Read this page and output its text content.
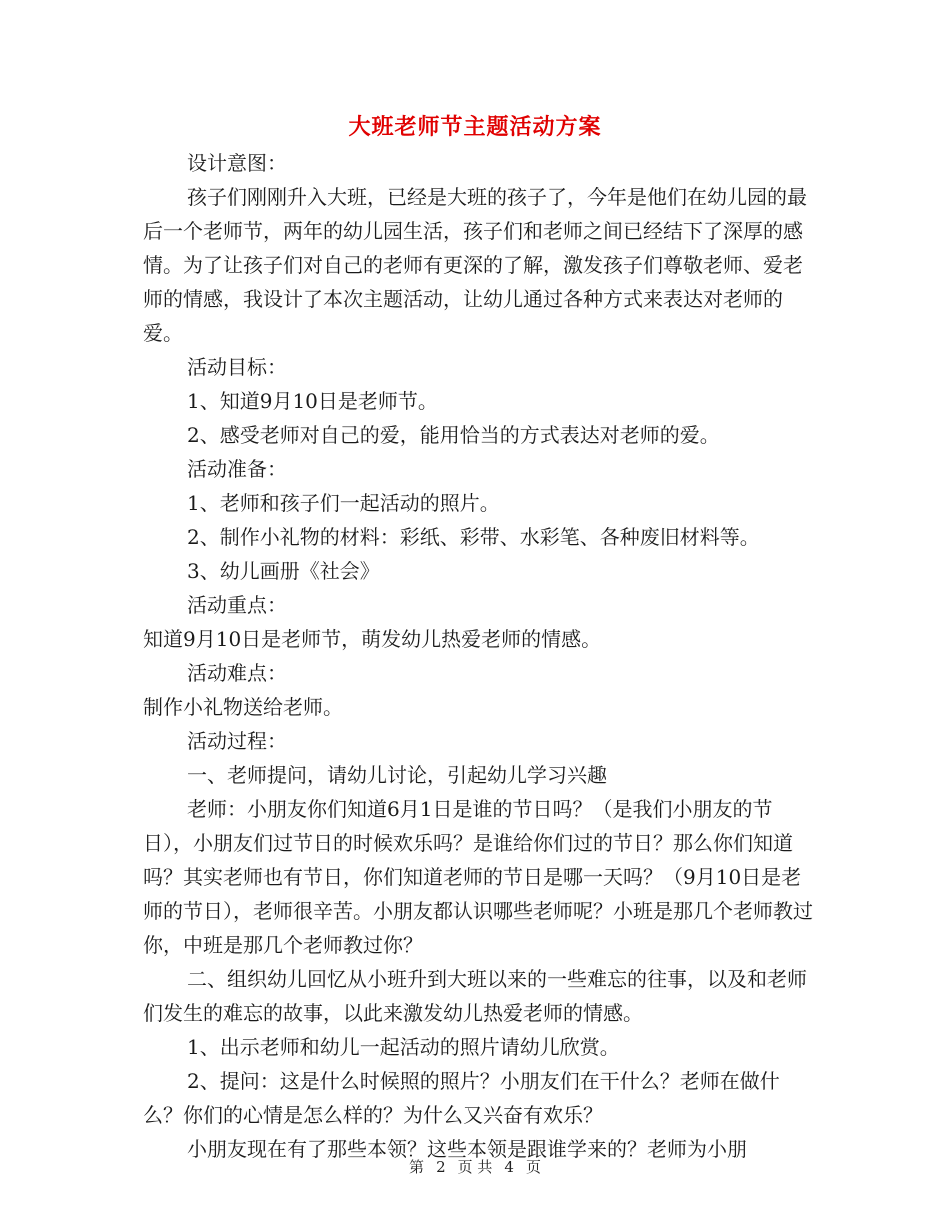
大班老师节主题活动方案

设计意图：

孩子们刚刚升入大班，已经是大班的孩子了，今年是他们在幼儿园的最后一个老师节，两年的幼儿园生活，孩子们和老师之间已经结下了深厚的感情。为了让孩子们对自己的老师有更深的了解，激发孩子们尊敬老师、爱老师的情感，我设计了本次主题活动，让幼儿通过各种方式来表达对老师的爱。

活动目标：

1、知道9月10日是老师节。

2、感受老师对自己的爱，能用恰当的方式表达对老师的爱。

活动准备：

1、老师和孩子们一起活动的照片。

2、制作小礼物的材料：彩纸、彩带、水彩笔、各种废旧材料等。

3、幼儿画册《社会》

活动重点：

知道9月10日是老师节，萌发幼儿热爱老师的情感。

活动难点：

制作小礼物送给老师。

活动过程：

一、老师提问，请幼儿讨论，引起幼儿学习兴趣

老师：小朋友你们知道6月1日是谁的节日吗？（是我们小朋友的节日），小朋友们过节日的时候欢乐吗？是谁给你们过的节日？那么你们知道吗？其实老师也有节日，你们知道老师的节日是哪一天吗？（9月10日是老师的节日），老师很辛苦。小朋友都认识哪些老师呢？小班是那几个老师教过你，中班是那几个老师教过你？

二、组织幼儿回忆从小班升到大班以来的一些难忘的往事，以及和老师们发生的难忘的故事，以此来激发幼儿热爱老师的情感。

1、出示老师和幼儿一起活动的照片请幼儿欣赏。

2、提问：这是什么时候照的照片？小朋友们在干什么？老师在做什么？你们的心情是怎么样的？为什么又兴奋有欢乐？

小朋友现在有了那些本领？这些本领是跟谁学来的？老师为小朋

第 2 页 共 4 页
